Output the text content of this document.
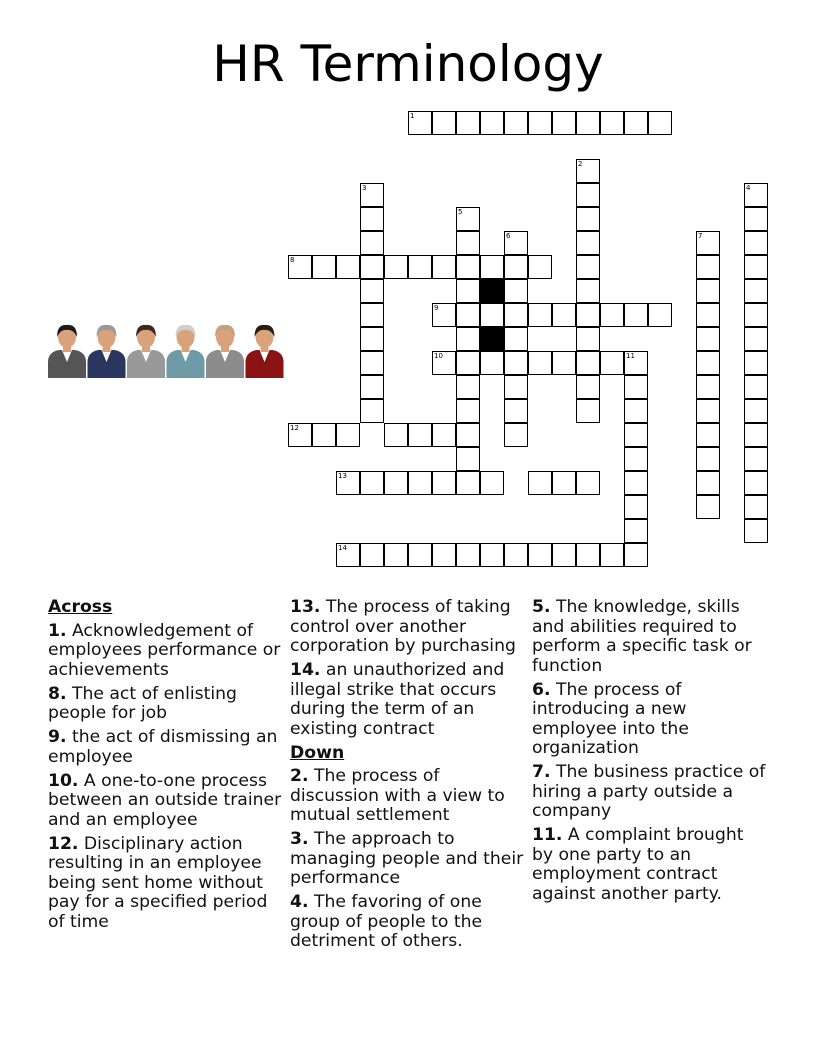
HR Terminology
1
2
3	4
5
6	7
8
9
10	11
12
13
14
Across
1. Acknowledgement of employees performance or achievements
8. The act of enlisting people for job
9. the act of dismissing an employee
10. A one-to-one process between an outside trainer and an employee
12. Disciplinary action resulting in an employee being sent home without pay for a specified period of time
13. The process of taking control over another corporation by purchasing
14. an unauthorized and illegal strike that occurs during the term of an existing contract
Down
2. The process of discussion with a view to mutual settlement
3. The approach to managing people and their performance
4. The favoring of one group of people to the detriment of others.
5. The knowledge, skills and abilities required to perform a specific task or function
6. The process of introducing a new employee into the organization
7. The business practice of hiring a party outside a company
11. A complaint brought by one party to an employment contract against another party.
